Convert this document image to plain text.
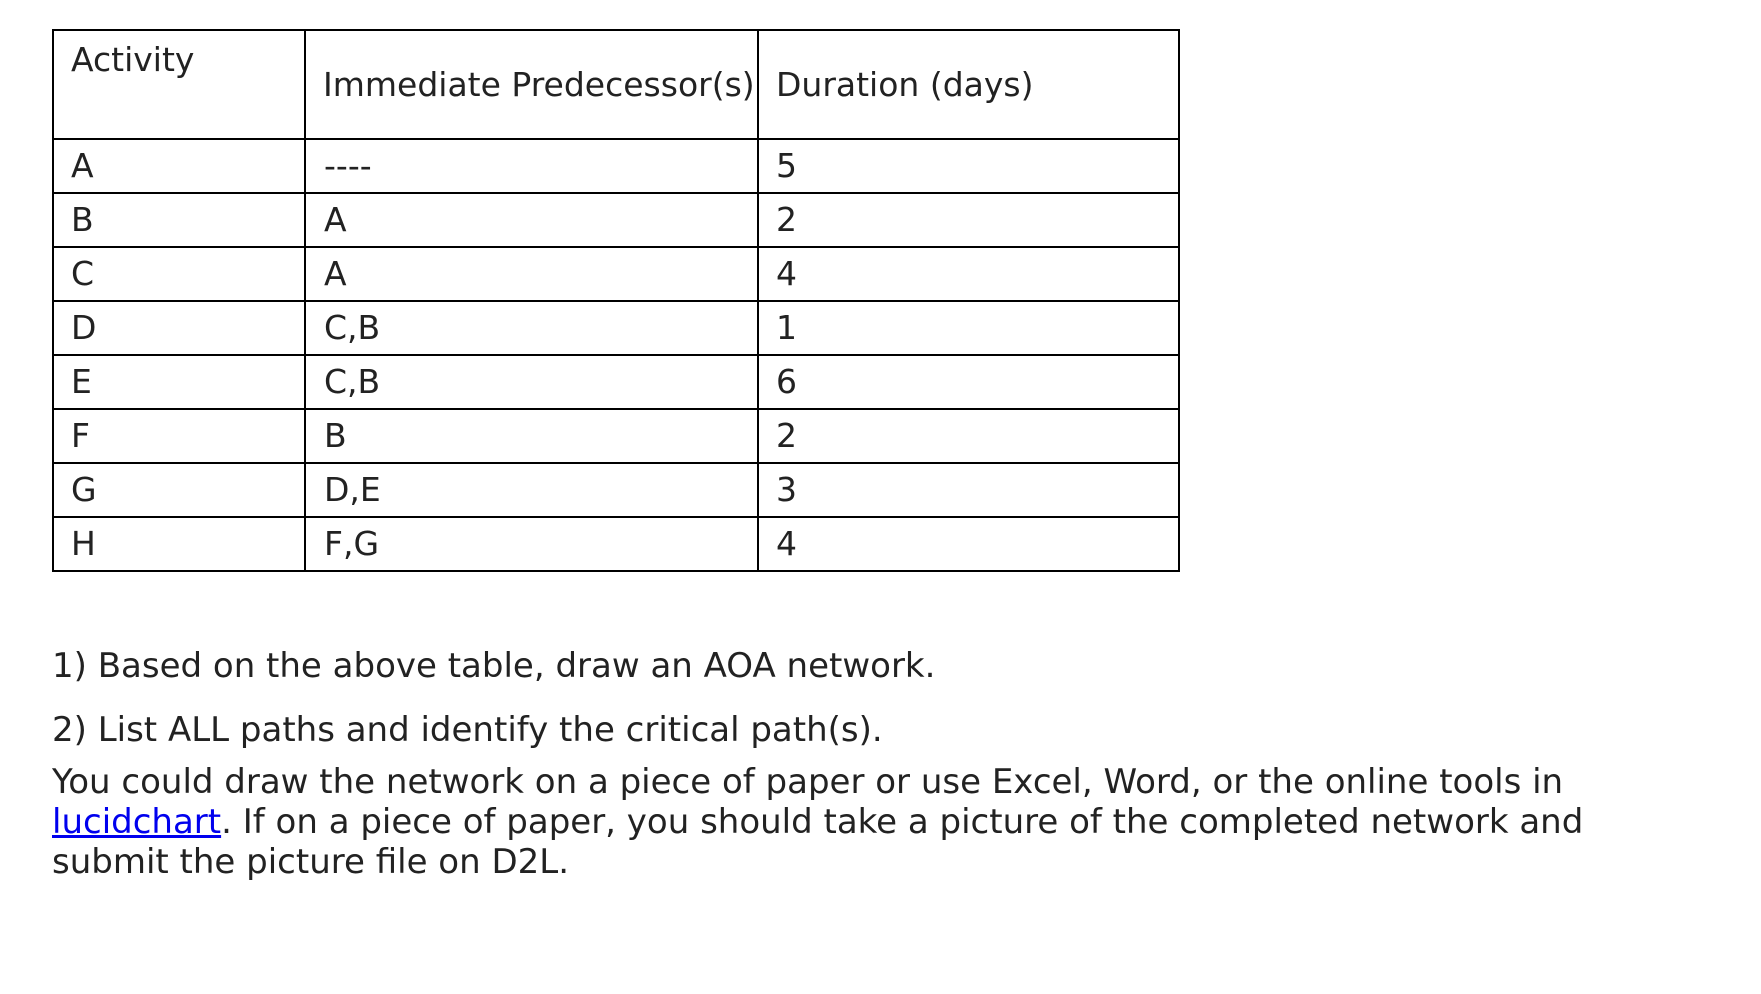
Activity	Immediate Predecessor(s)	Duration (days)
A	----	5
B	A	2
C	A	4
D	C,B	1
E	C,B	6
F	B	2
G	D,E	3
H	F,G	4

1) Based on the above table, draw an AOA network.

2) List ALL paths and identify the critical path(s).

You could draw the network on a piece of paper or use Excel, Word, or the online tools in lucidchart. If on a piece of paper, you should take a picture of the completed network and submit the picture file on D2L.
